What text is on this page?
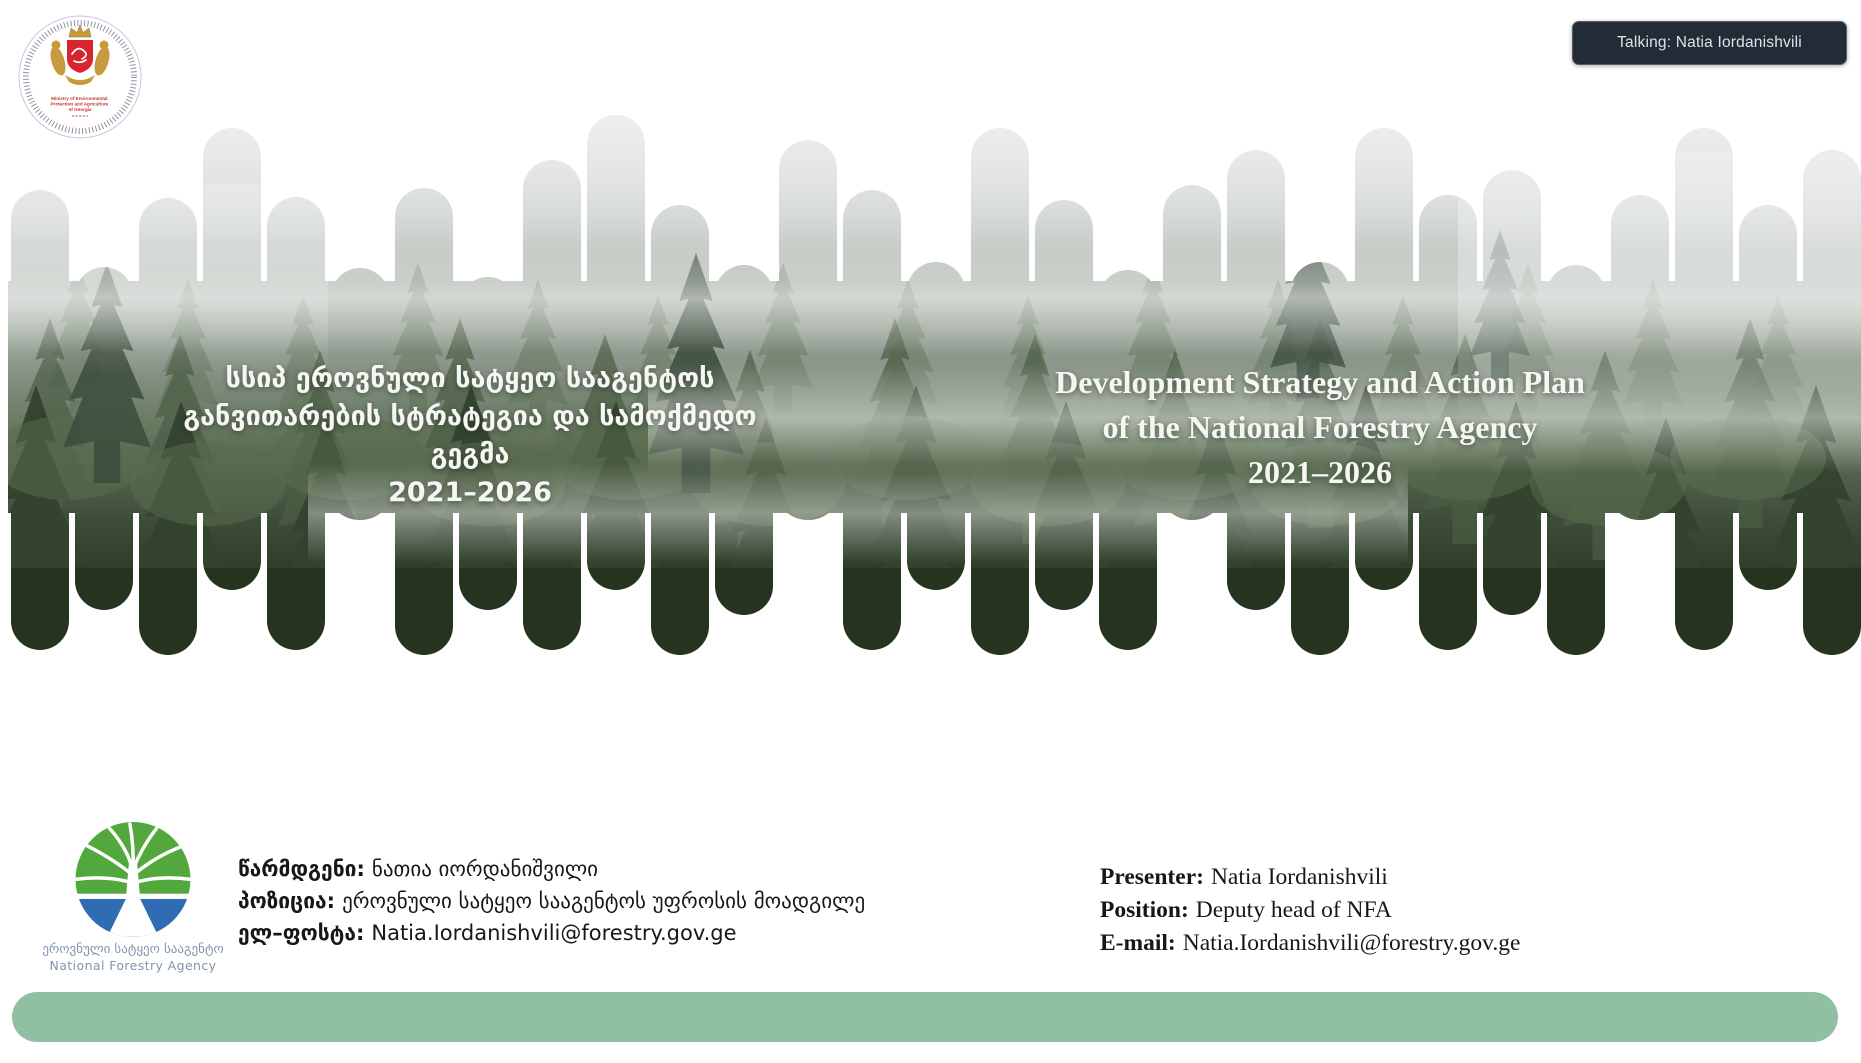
Talking: Natia Iordanishvili
Ministry of Environmental Protection and Agriculture of Georgia
სსიპ ეროვნული სატყეო სააგენტოს
განვითარების სტრატეგია და სამოქმედო გეგმა
2021–2026
Development Strategy and Action Plan
of the National Forestry Agency
2021–2026
ეროვნული სატყეო სააგენტო
National Forestry Agency
წარმდგენი: ნათია იორდანიშვილი
პოზიცია: ეროვნული სატყეო სააგენტოს უფროსის მოადგილე
ელ–ფოსტა: Natia.Iordanishvili@forestry.gov.ge
Presenter: Natia Iordanishvili
Position: Deputy head of NFA
E-mail: Natia.Iordanishvili@forestry.gov.ge
